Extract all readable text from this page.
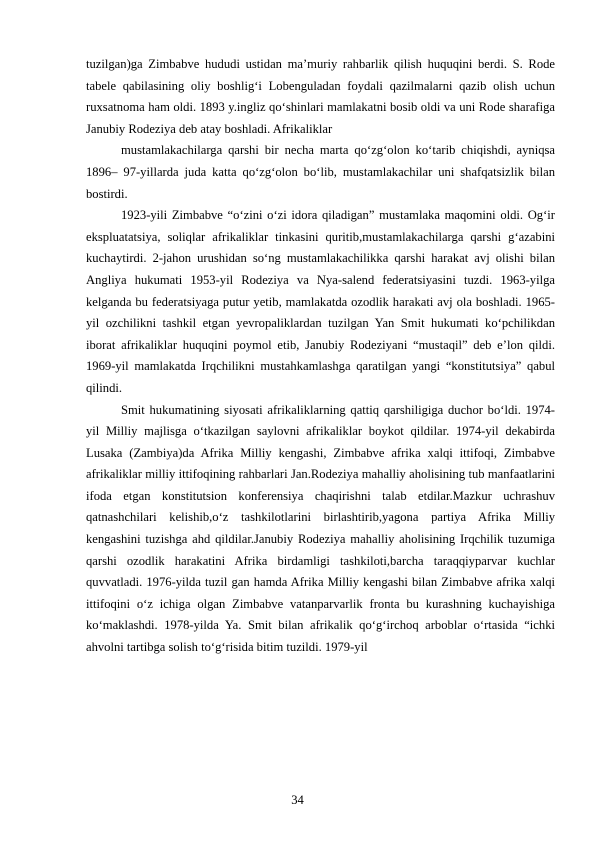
tuzilgan)ga Zimbabve hududi ustidan ma’muriy rahbarlik qilish huquqini berdi. S. Rode tabele qabilasining oliy boshlig‘i Lobenguladan foydali qazilmalarni qazib olish uchun ruxsatnoma ham oldi. 1893 y.ingliz qo‘shinlari mamlakatni bosib oldi va uni Rode sharafiga Janubiy Rodeziya deb atay boshladi. Afrikaliklar

mustamlakachilarga qarshi bir necha marta qo‘zg‘olon ko‘tarib chiqishdi, ayniqsa 1896– 97-yillarda juda katta qo‘zg‘olon bo‘lib, mustamlakachilar uni shafqatsizlik bilan bostirdi.

1923-yili Zimbabve “o‘zini o‘zi idora qiladigan” mustamlaka maqomini oldi. Og‘ir ekspluatatsiya, soliqlar afrikaliklar tinkasini quritib,mustamlakachilarga qarshi g‘azabini kuchaytirdi. 2-jahon urushidan so‘ng mustamlakachilikka qarshi harakat avj olishi bilan Angliya hukumati 1953-yil Rodeziya va Nya-salend federatsiyasini tuzdi. 1963-yilga kelganda bu federatsiyaga putur yetib, mamlakatda ozodlik harakati avj ola boshladi. 1965-yil ozchilikni tashkil etgan yevropaliklardan tuzilgan Yan Smit hukumati ko‘pchilikdan iborat afrikaliklar huquqini poymol etib, Janubiy Rodeziyani “mustaqil” deb e’lon qildi. 1969-yil mamlakatda Irqchilikni mustahkamlashga qaratilgan yangi “konstitutsiya” qabul qilindi.

Smit hukumatining siyosati afrikaliklarning qattiq qarshiligiga duchor bo‘ldi. 1974-yil Milliy majlisga o‘tkazilgan saylovni afrikaliklar boykot qildilar. 1974-yil dekabirda Lusaka (Zambiya)da Afrika Milliy kengashi, Zimbabve afrika xalqi ittifoqi, Zimbabve afrikaliklar milliy ittifoqining rahbarlari Jan.Rodeziya mahalliy aholisining tub manfaatlarini ifoda etgan konstitutsion konferensiya chaqirishni talab etdilar.Mazkur uchrashuv qatnashchilari kelishib,o‘z tashkilotlarini birlashtirib,yagona partiya Afrika Milliy kengashini tuzishga ahd qildilar.Janubiy Rodeziya mahalliy aholisining Irqchilik tuzumiga qarshi ozodlik harakatini Afrika birdamligi tashkiloti,barcha taraqqiyparvar kuchlar quvvatladi. 1976-yilda tuzil gan hamda Afrika Milliy kengashi bilan Zimbabve afrika xalqi ittifoqini o‘z ichiga olgan Zimbabve vatanparvarlik fronta bu kurashning kuchayishiga ko‘maklashdi. 1978-yilda Ya. Smit bilan afrikalik qo‘g‘irchoq arboblar o‘rtasida “ichki ahvolni tartibga solish to‘g‘risida bitim tuzildi. 1979-yil

34
